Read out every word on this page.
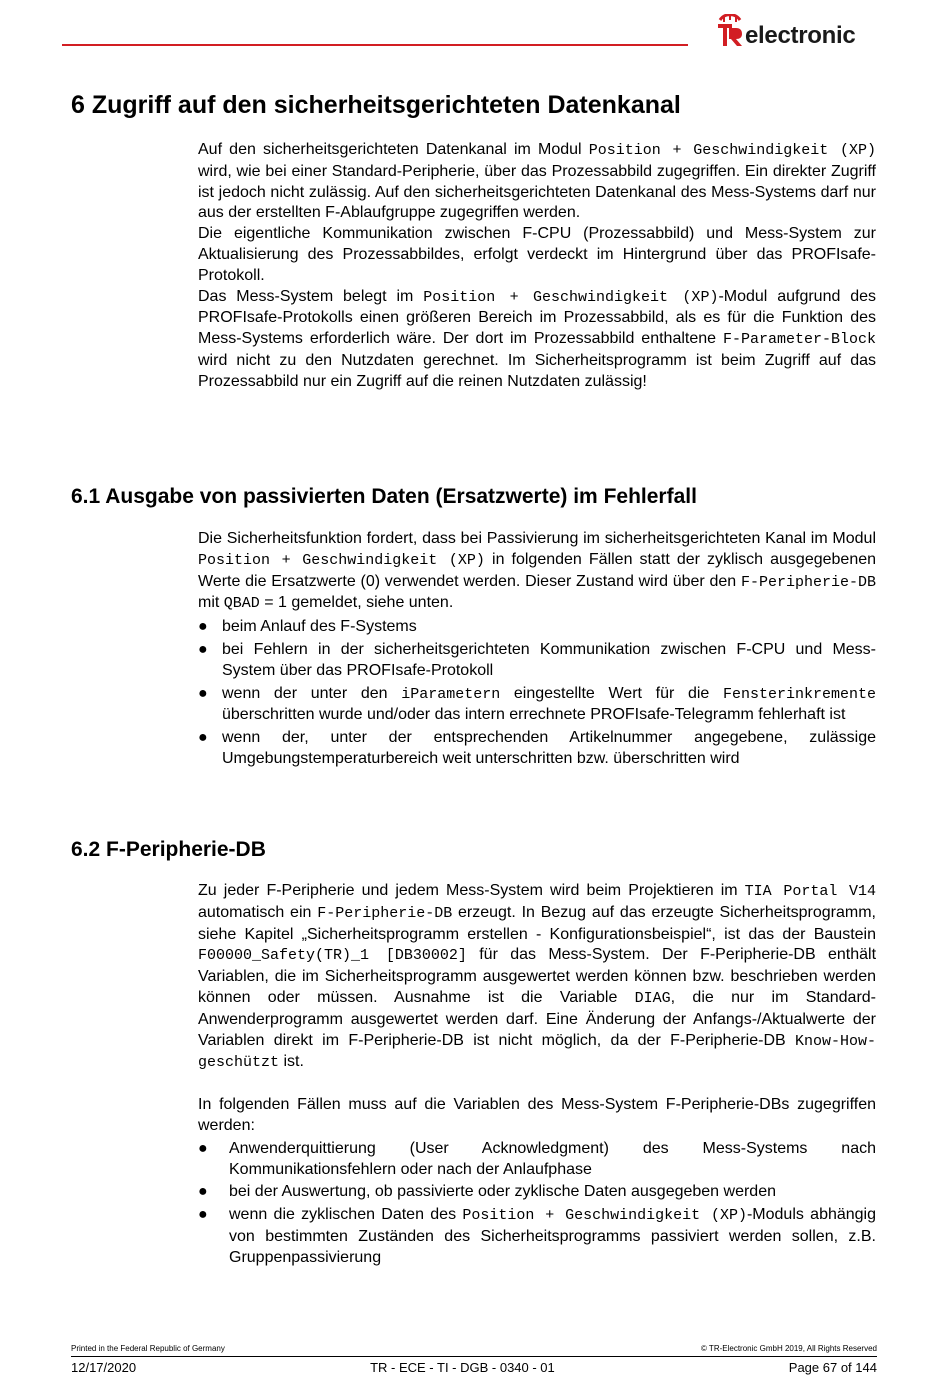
electronic
6 Zugriff auf den sicherheitsgerichteten Datenkanal

Auf den sicherheitsgerichteten Datenkanal im Modul Position + Geschwindigkeit (XP) wird, wie bei einer Standard-Peripherie, über das Prozessabbild zugegriffen. Ein direkter Zugriff ist jedoch nicht zulässig. Auf den sicherheitsgerichteten Datenkanal des Mess-Systems darf nur aus der erstellten F-Ablaufgruppe zugegriffen werden.

Die eigentliche Kommunikation zwischen F-CPU (Prozessabbild) und Mess-System zur Aktualisierung des Prozessabbildes, erfolgt verdeckt im Hintergrund über das PROFIsafe-Protokoll.

Das Mess-System belegt im Position + Geschwindigkeit (XP)-Modul aufgrund des PROFIsafe-Protokolls einen größeren Bereich im Prozessabbild, als es für die Funktion des Mess-Systems erforderlich wäre. Der dort im Prozessabbild enthaltene F-Parameter-Block wird nicht zu den Nutzdaten gerechnet. Im Sicherheitsprogramm ist beim Zugriff auf das Prozessabbild nur ein Zugriff auf die reinen Nutzdaten zulässig!

6.1 Ausgabe von passivierten Daten (Ersatzwerte) im Fehlerfall

Die Sicherheitsfunktion fordert, dass bei Passivierung im sicherheitsgerichteten Kanal im Modul Position + Geschwindigkeit (XP) in folgenden Fällen statt der zyklisch ausgegebenen Werte die Ersatzwerte (0) verwendet werden. Dieser Zustand wird über den F-Peripherie-DB mit QBAD = 1 gemeldet, siehe unten.

● beim Anlauf des F-Systems
● bei Fehlern in der sicherheitsgerichteten Kommunikation zwischen F-CPU und Mess-System über das PROFIsafe-Protokoll
● wenn der unter den iParametern eingestellte Wert für die Fensterinkremente überschritten wurde und/oder das intern errechnete PROFIsafe-Telegramm fehlerhaft ist
● wenn der, unter der entsprechenden Artikelnummer angegebene, zulässige Umgebungstemperaturbereich weit unterschritten bzw. überschritten wird
6.2 F-Peripherie-DB

Zu jeder F-Peripherie und jedem Mess-System wird beim Projektieren im TIA Portal V14 automatisch ein F-Peripherie-DB erzeugt. In Bezug auf das erzeugte Sicherheitsprogramm, siehe Kapitel „Sicherheitsprogramm erstellen - Konfigurationsbeispiel“, ist das der Baustein F00000_Safety(TR)_1 [DB30002] für das Mess-System. Der F-Peripherie-DB enthält Variablen, die im Sicherheitsprogramm ausgewertet werden können bzw. beschrieben werden können oder müssen. Ausnahme ist die Variable DIAG, die nur im Standard-Anwenderprogramm ausgewertet werden darf. Eine Änderung der Anfangs-/Aktualwerte der Variablen direkt im F-Peripherie-DB ist nicht möglich, da der F-Peripherie-DB Know-How-geschützt ist.

In folgenden Fällen muss auf die Variablen des Mess-System F-Peripherie-DBs zugegriffen werden:

● Anwenderquittierung (User Acknowledgment) des Mess-Systems nach Kommunikationsfehlern oder nach der Anlaufphase
● bei der Auswertung, ob passivierte oder zyklische Daten ausgegeben werden
● wenn die zyklischen Daten des Position + Geschwindigkeit (XP)-Moduls abhängig von bestimmten Zuständen des Sicherheitsprogramms passiviert werden sollen, z.B. Gruppenpassivierung
Printed in the Federal Republic of Germany	© TR-Electronic GmbH 2019, All Rights Reserved
12/17/2020	TR - ECE - TI - DGB - 0340 - 01	Page 67 of 144
